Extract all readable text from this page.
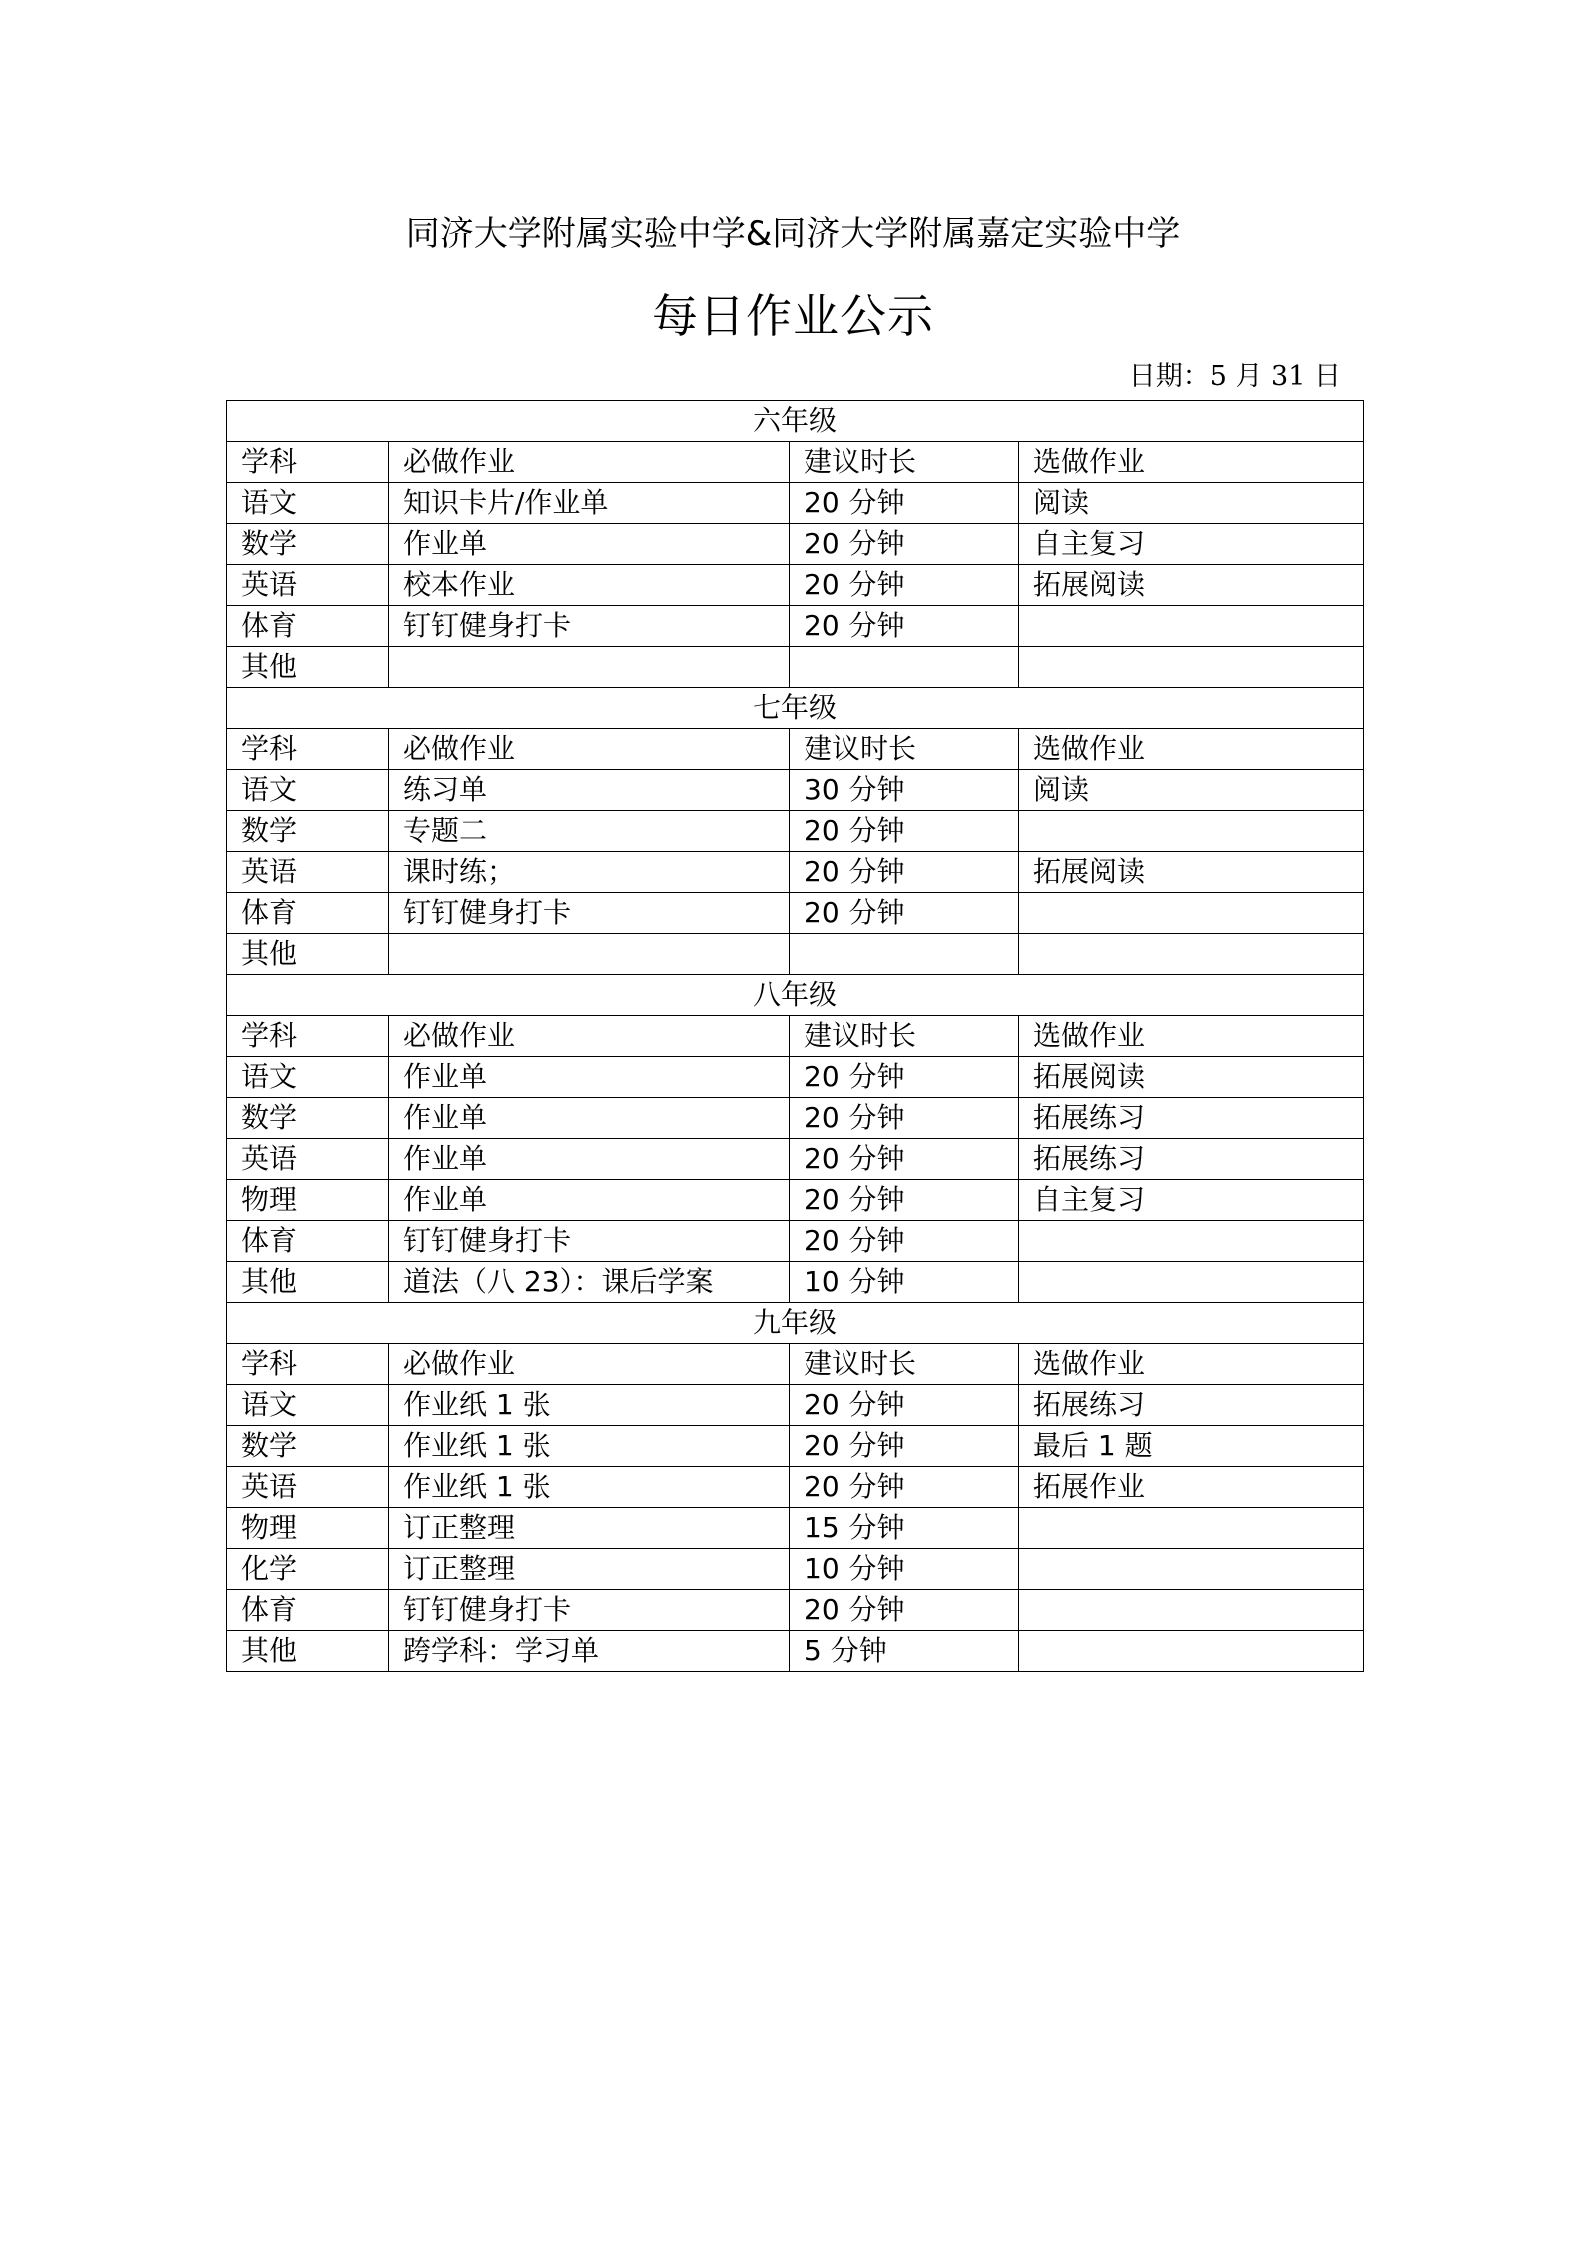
同济大学附属实验中学&同济大学附属嘉定实验中学
每日作业公示
日期：5 月 31 日
六年级			
学科	必做作业	建议时长	选做作业
语文	知识卡片/作业单	20 分钟	阅读
数学	作业单	20 分钟	自主复习
英语	校本作业	20 分钟	拓展阅读
体育	钉钉健身打卡	20 分钟	
其他			
七年级			
学科	必做作业	建议时长	选做作业
语文	练习单	30 分钟	阅读
数学	专题二	20 分钟	
英语	课时练；	20 分钟	拓展阅读
体育	钉钉健身打卡	20 分钟	
其他			
八年级			
学科	必做作业	建议时长	选做作业
语文	作业单	20 分钟	拓展阅读
数学	作业单	20 分钟	拓展练习
英语	作业单	20 分钟	拓展练习
物理	作业单	20 分钟	自主复习
体育	钉钉健身打卡	20 分钟	
其他	道法（八 23）：课后学案	10 分钟	
九年级			
学科	必做作业	建议时长	选做作业
语文	作业纸 1 张	20 分钟	拓展练习
数学	作业纸 1 张	20 分钟	最后 1 题
英语	作业纸 1 张	20 分钟	拓展作业
物理	订正整理	15 分钟	
化学	订正整理	10 分钟	
体育	钉钉健身打卡	20 分钟	
其他	跨学科：学习单	5 分钟	
